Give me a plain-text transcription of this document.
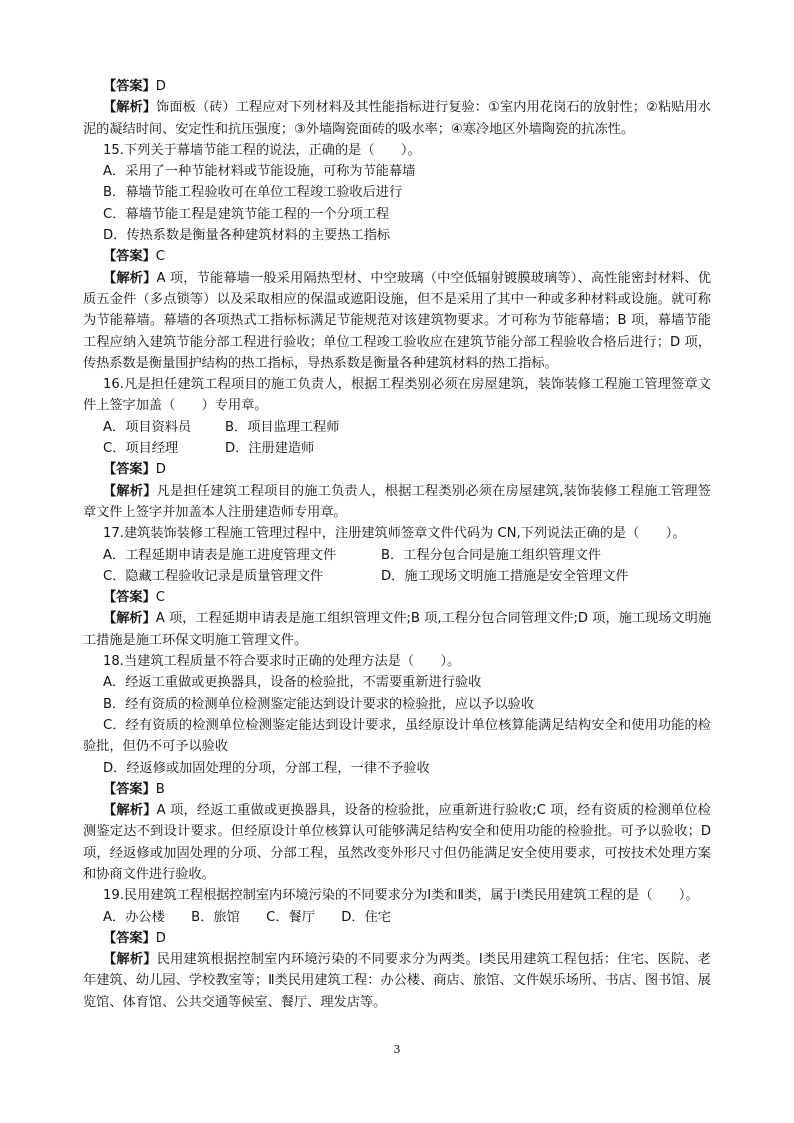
【答案】D

【解析】饰面板（砖）工程应对下列材料及其性能指标进行复验：①室内用花岗石的放射性；②粘贴用水泥的凝结时间、安定性和抗压强度；③外墙陶瓷面砖的吸水率；④寒冷地区外墙陶瓷的抗冻性。

15.下列关于幕墙节能工程的说法，正确的是（　　）。

A．采用了一种节能材料或节能设施，可称为节能幕墙

B．幕墙节能工程验收可在单位工程竣工验收后进行

C．幕墙节能工程是建筑节能工程的一个分项工程

D．传热系数是衡量各种建筑材料的主要热工指标

【答案】C

【解析】A 项，节能幕墙一般采用隔热型材、中空玻璃（中空低辐射镀膜玻璃等）、高性能密封材料、优质五金件（多点锁等）以及采取相应的保温或遮阳设施，但不是采用了其中一种或多种材料或设施。就可称为节能幕墙。幕墙的各项热式工指标标满足节能规范对该建筑物要求。才可称为节能幕墙；B 项，幕墙节能工程应纳入建筑节能分部工程进行验收；单位工程竣工验收应在建筑节能分部工程验收合格后进行；D 项，传热系数是衡量围护结构的热工指标，导热系数是衡量各种建筑材料的热工指标。

16.凡是担任建筑工程项目的施工负责人，根据工程类别必须在房屋建筑，装饰装修工程施工管理签章文件上签字加盖（　　）专用章。

A．项目资料员	B．项目监理工程师
C．项目经理	D．注册建造师

【答案】D

【解析】凡是担任建筑工程项目的施工负责人，根据工程类别必须在房屋建筑,装饰装修工程施工管理签章文件上签字并加盖本人注册建造师专用章。

17.建筑装饰装修工程施工管理过程中，注册建筑师签章文件代码为 CN,下列说法正确的是（　　）。

A．工程延期申请表是施工进度管理文件	B．工程分包合同是施工组织管理文件
C．隐藏工程验收记录是质量管理文件	D．施工现场文明施工措施是安全管理文件

【答案】C

【解析】A 项，工程延期申请表是施工组织管理文件;B 项,工程分包合同管理文件;D 项，施工现场文明施工措施是施工环保文明施工管理文件。

18.当建筑工程质量不符合要求时正确的处理方法是（　　）。

A．经返工重做或更换器具，设备的检验批，不需要重新进行验收

B．经有资质的检测单位检测鉴定能达到设计要求的检验批，应以予以验收

C．经有资质的检测单位检测鉴定能达到设计要求，虽经原设计单位核算能满足结构安全和使用功能的检验批，但仍不可予以验收

D．经返修或加固处理的分项，分部工程，一律不予验收

【答案】B

【解析】A 项，经返工重做或更换器具，设备的检验批，应重新进行验收;C 项，经有资质的检测单位检测鉴定达不到设计要求。但经原设计单位核算认可能够满足结构安全和使用功能的检验批。可予以验收；D 项，经返修或加固处理的分项、分部工程，虽然改变外形尺寸但仍能满足安全使用要求，可按技术处理方案和协商文件进行验收。

19.民用建筑工程根据控制室内环境污染的不同要求分为Ⅰ类和Ⅱ类，属于Ⅰ类民用建筑工程的是（　　）。

A．办公楼　　B．旅馆　　C．餐厅　　D．住宅

【答案】D

【解析】民用建筑根据控制室内环境污染的不同要求分为两类。Ⅰ类民用建筑工程包括：住宅、医院、老年建筑、幼儿园、学校教室等；Ⅱ类民用建筑工程：办公楼、商店、旅馆、文件娱乐场所、书店、图书馆、展览馆、体育馆、公共交通等候室、餐厅、理发店等。

3
